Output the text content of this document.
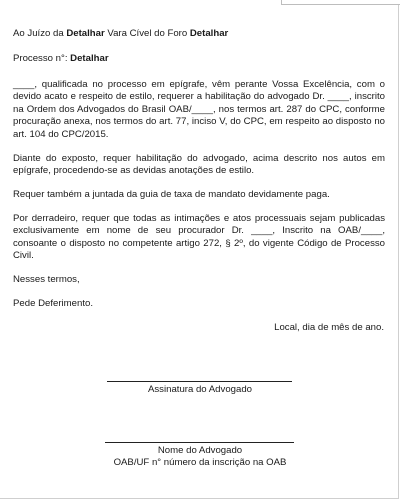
Ao Juízo da Detalhar Vara Cível do Foro Detalhar
Processo n°: Detalhar

____, qualificada no processo em epígrafe, vêm perante Vossa Excelência, com o devido acato e respeito de estilo, requerer a habilitação do advogado Dr. ____, inscrito na Ordem dos Advogados do Brasil OAB/____, nos termos art. 287 do CPC, conforme procuração anexa, nos termos do art. 77, inciso V, do CPC, em respeito ao disposto no art. 104 do CPC/2015.

Diante do exposto, requer habilitação do advogado, acima descrito nos autos em epígrafe, procedendo-se as devidas anotações de estilo.

Requer também a juntada da guia de taxa de mandato devidamente paga.

Por derradeiro, requer que todas as intimações e atos processuais sejam publicadas exclusivamente em nome de seu procurador Dr. ____, Inscrito na OAB/____, consoante o disposto no competente artigo 272, § 2º, do vigente Código de Processo Civil.

Nesses termos,

Pede Deferimento.

Local, dia de mês de ano.

Assinatura do Advogado
Nome do Advogado
OAB/UF n° número da inscrição na OAB
